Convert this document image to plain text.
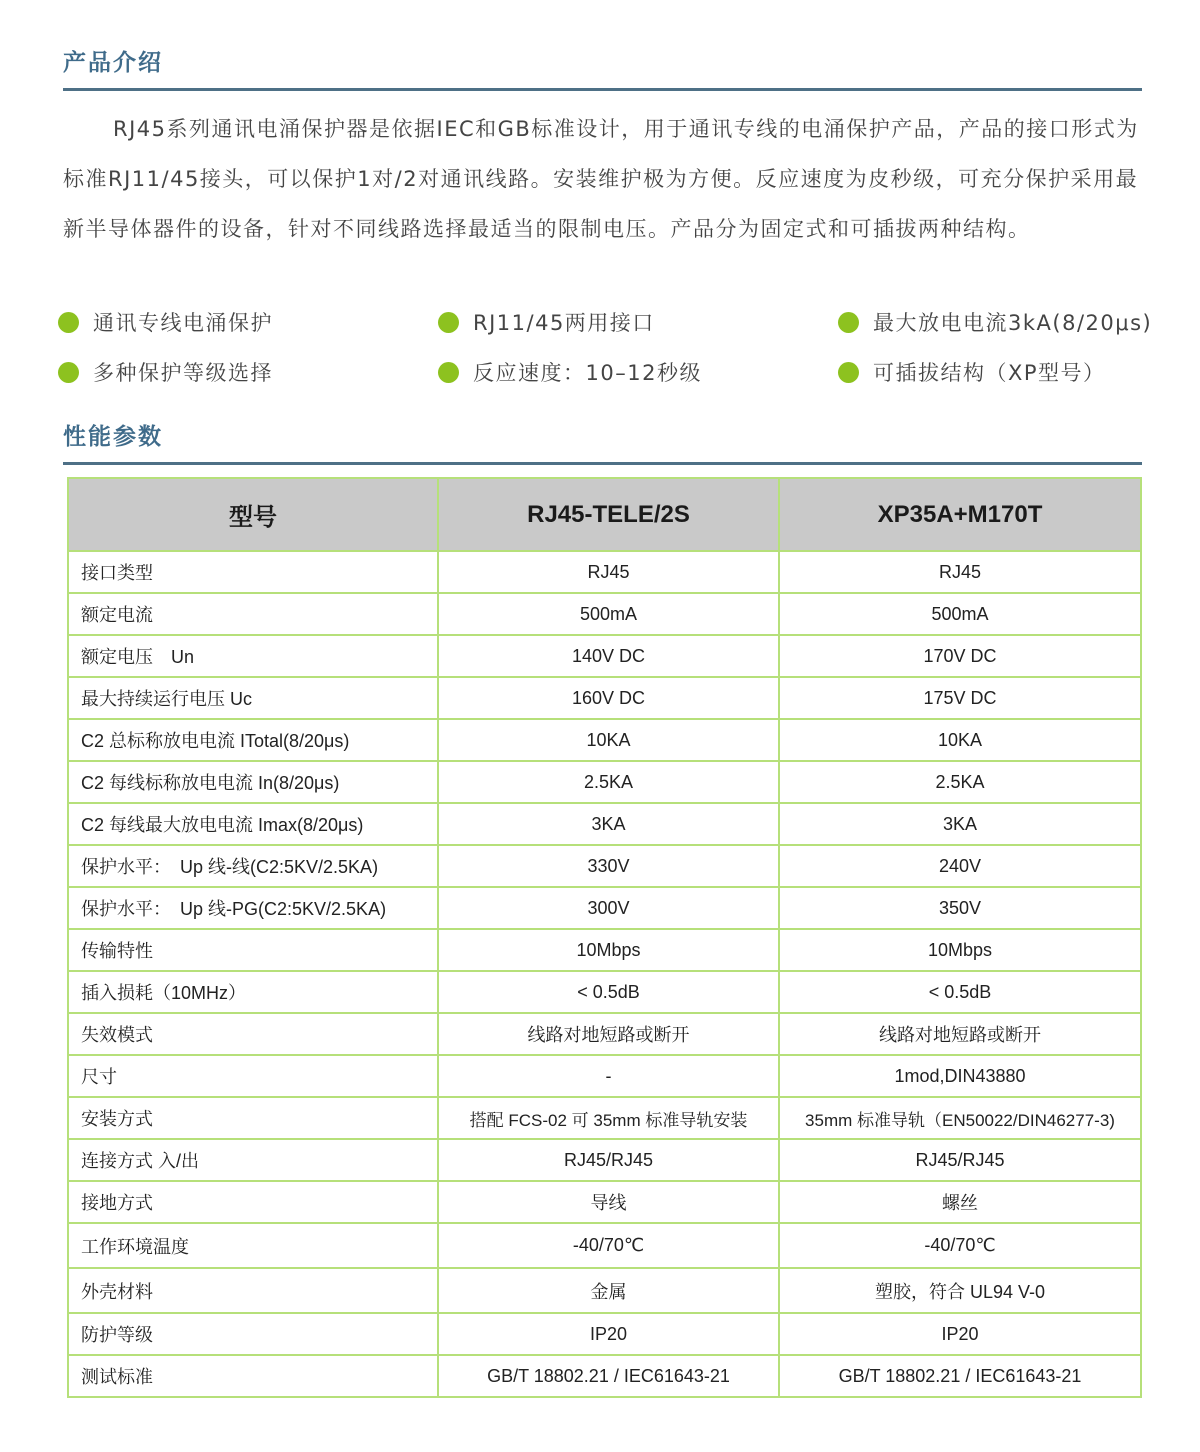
产品介绍

RJ45系列通讯电涌保护器是依据IEC和GB标准设计，用于通讯专线的电涌保护产品，产品的接口形式为标准RJ11/45接头，可以保护1对/2对通讯线路。安装维护极为方便。反应速度为皮秒级，可充分保护采用最新半导体器件的设备，针对不同线路选择最适当的限制电压。产品分为固定式和可插拔两种结构。

通讯专线电涌保护	RJ11/45两用接口	最大放电电流3kA(8/20μs)
多种保护等级选择	反应速度：10–12秒级	可插拔结构（XP型号）
性能参数
型号	RJ45-TELE/2S	XP35A+M170T
接口类型	RJ45	RJ45
额定电流	500mA	500mA
额定电压　Un	140V DC	170V DC
最大持续运行电压 Uc	160V DC	175V DC
C2 总标称放电电流 ITotal(8/20μs)	10KA	10KA
C2 每线标称放电电流 In(8/20μs)	2.5KA	2.5KA
C2 每线最大放电电流 Imax(8/20μs)	3KA	3KA
保护水平：　Up 线-线(C2:5KV/2.5KA)	330V	240V
保护水平：　Up 线-PG(C2:5KV/2.5KA)	300V	350V
传输特性	10Mbps	10Mbps
插入损耗（10MHz）	< 0.5dB	< 0.5dB
失效模式	线路对地短路或断开	线路对地短路或断开
尺寸	-	1mod,DIN43880
安装方式	搭配 FCS-02 可 35mm 标准导轨安装	35mm 标准导轨（EN50022/DIN46277-3)
连接方式 入/出	RJ45/RJ45	RJ45/RJ45
接地方式	导线	螺丝
工作环境温度	-40/70℃	-40/70℃
外壳材料	金属	塑胶，符合 UL94 V-0
防护等级	IP20	IP20
测试标准	GB/T 18802.21 / IEC61643-21	GB/T 18802.21 / IEC61643-21
